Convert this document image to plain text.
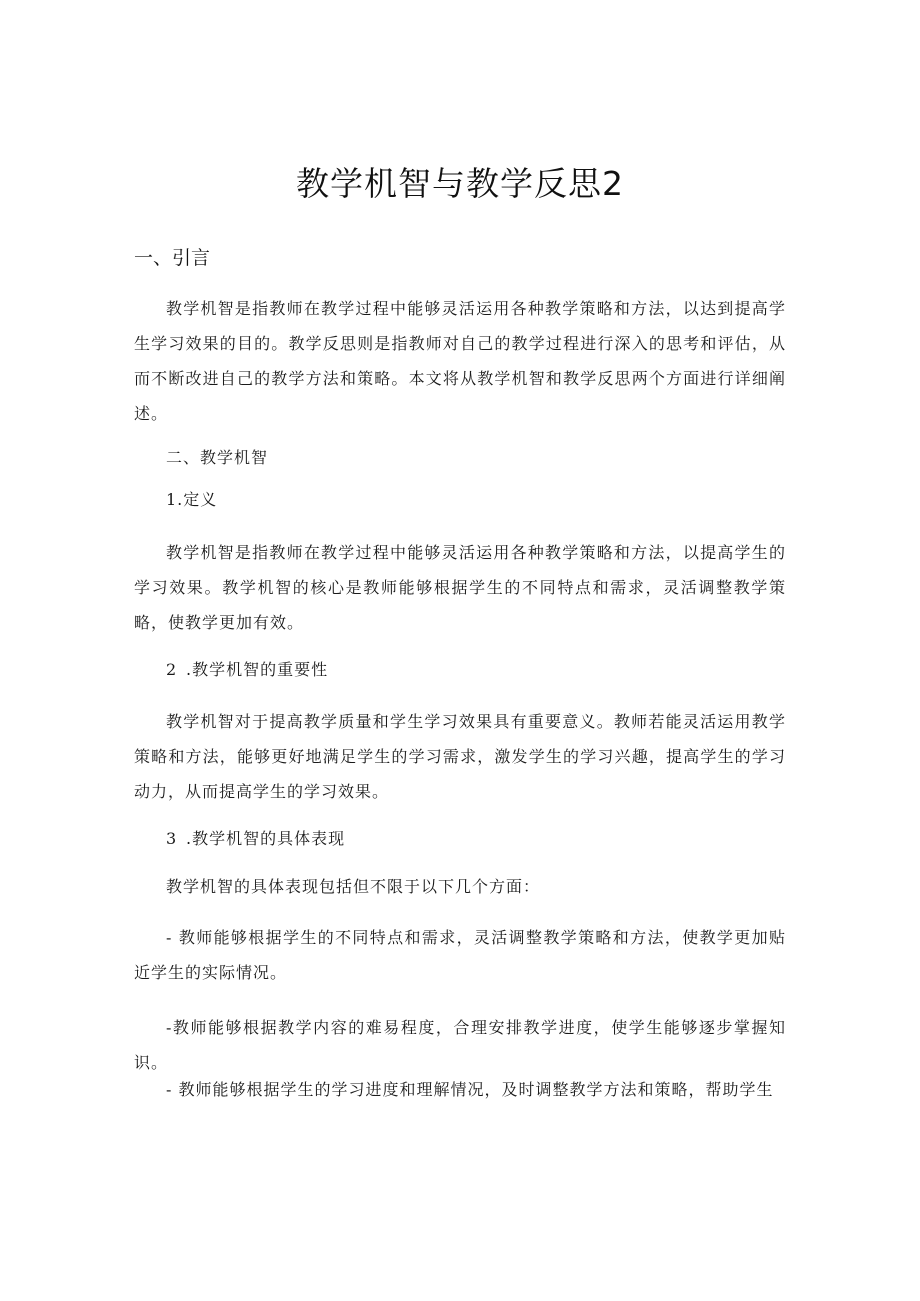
教学机智与教学反思2
一、引言
教学机智是指教师在教学过程中能够灵活运用各种教学策略和方法，以达到提高学生学习效果的目的。教学反思则是指教师对自己的教学过程进行深入的思考和评估，从而不断改进自己的教学方法和策略。本文将从教学机智和教学反思两个方面进行详细阐述。
二、教学机智
1.定义
教学机智是指教师在教学过程中能够灵活运用各种教学策略和方法，以提高学生的学习效果。教学机智的核心是教师能够根据学生的不同特点和需求，灵活调整教学策略，使教学更加有效。
2 .教学机智的重要性
教学机智对于提高教学质量和学生学习效果具有重要意义。教师若能灵活运用教学策略和方法，能够更好地满足学生的学习需求，激发学生的学习兴趣，提高学生的学习动力，从而提高学生的学习效果。
3 .教学机智的具体表现
教学机智的具体表现包括但不限于以下几个方面：
- 教师能够根据学生的不同特点和需求，灵活调整教学策略和方法，使教学更加贴近学生的实际情况。
-教师能够根据教学内容的难易程度，合理安排教学进度，使学生能够逐步掌握知识。
- 教师能够根据学生的学习进度和理解情况，及时调整教学方法和策略，帮助学生
